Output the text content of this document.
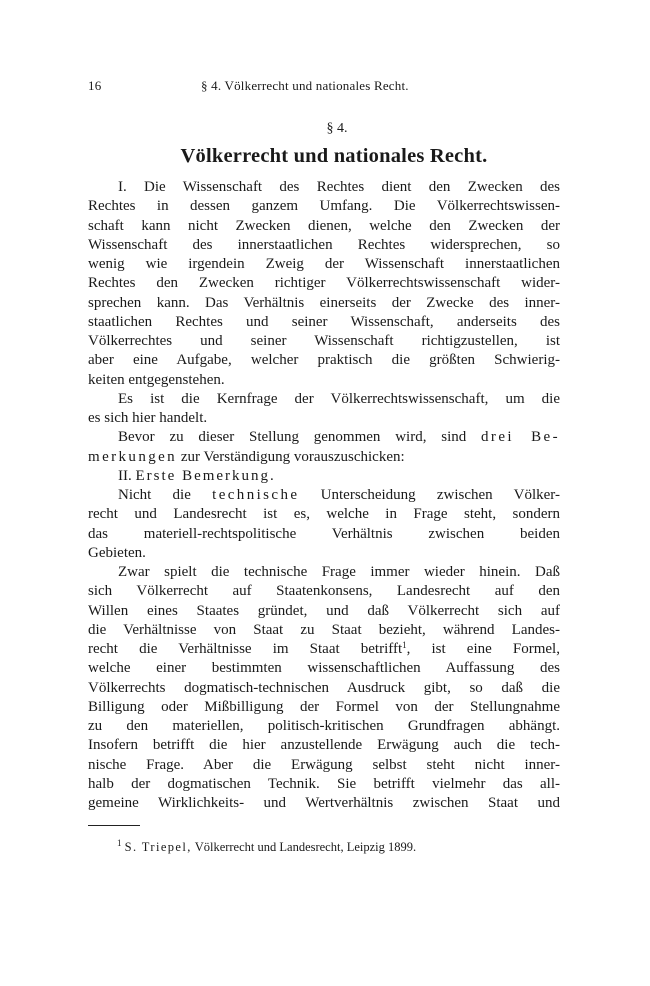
16	§ 4. Völkerrecht und nationales Recht.
§ 4.
Völkerrecht und nationales Recht.
I. Die Wissenschaft des Rechtes dient den Zwecken des
Rechtes in dessen ganzem Umfang. Die Völkerrechtswissen-
schaft kann nicht Zwecken dienen, welche den Zwecken der
Wissenschaft des innerstaatlichen Rechtes widersprechen, so
wenig wie irgendein Zweig der Wissenschaft innerstaatlichen
Rechtes den Zwecken richtiger Völkerrechtswissenschaft wider-
sprechen kann. Das Verhältnis einerseits der Zwecke des inner-
staatlichen Rechtes und seiner Wissenschaft, anderseits des
Völkerrechtes und seiner Wissenschaft richtigzustellen, ist
aber eine Aufgabe, welcher praktisch die größten Schwierig-
keiten entgegenstehen.
Es ist die Kernfrage der Völkerrechtswissenschaft, um die
es sich hier handelt.
Bevor zu dieser Stellung genommen wird, sind drei Be-
merkungen zur Verständigung vorauszuschicken:
II. Erste Bemerkung.
Nicht die technische Unterscheidung zwischen Völker-
recht und Landesrecht ist es, welche in Frage steht, sondern
das materiell-rechtspolitische Verhältnis zwischen beiden
Gebieten.
Zwar spielt die technische Frage immer wieder hinein. Daß
sich Völkerrecht auf Staatenkonsens, Landesrecht auf den
Willen eines Staates gründet, und daß Völkerrecht sich auf
die Verhältnisse von Staat zu Staat bezieht, während Landes-
recht die Verhältnisse im Staat betrifft$^1$, ist eine Formel,
welche einer bestimmten wissenschaftlichen Auffassung des
Völkerrechts dogmatisch-technischen Ausdruck gibt, so daß die
Billigung oder Mißbilligung der Formel von der Stellungnahme
zu den materiellen, politisch-kritischen Grundfragen abhängt.
Insofern betrifft die hier anzustellende Erwägung auch die tech-
nische Frage. Aber die Erwägung selbst steht nicht inner-
halb der dogmatischen Technik. Sie betrifft vielmehr das all-
gemeine Wirklichkeits- und Wertverhältnis zwischen Staat und
$^1$ S. Triepel, Völkerrecht und Landesrecht, Leipzig 1899.
